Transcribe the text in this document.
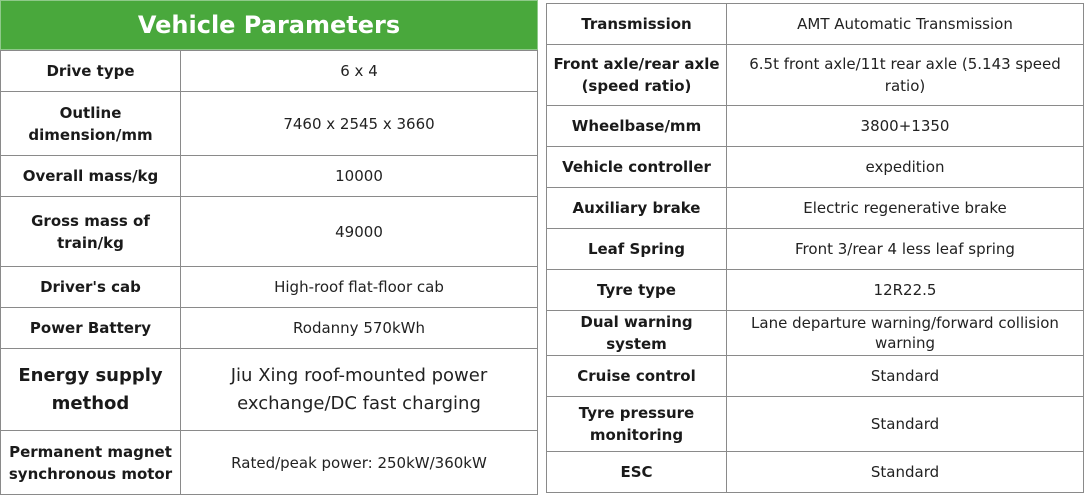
Vehicle Parameters
Drive type	6 x 4
Outline dimension/mm	7460 x 2545 x 3660
Overall mass/kg	10000
Gross mass of train/kg	49000
Driver's cab	High-roof flat-floor cab
Power Battery	Rodanny 570kWh
Energy supply method	Jiu Xing roof-mounted power exchange/DC fast charging
Permanent magnet synchronous motor	Rated/peak power: 250kW/360kW
Transmission	AMT Automatic Transmission
Front axle/rear axle (speed ratio)	6.5t front axle/11t rear axle (5.143 speed ratio)
Wheelbase/mm	3800+1350
Vehicle controller	expedition
Auxiliary brake	Electric regenerative brake
Leaf Spring	Front 3/rear 4 less leaf spring
Tyre type	12R22.5
Dual warning system	Lane departure warning/forward collision warning
Cruise control	Standard
Tyre pressure monitoring	Standard
ESC	Standard
